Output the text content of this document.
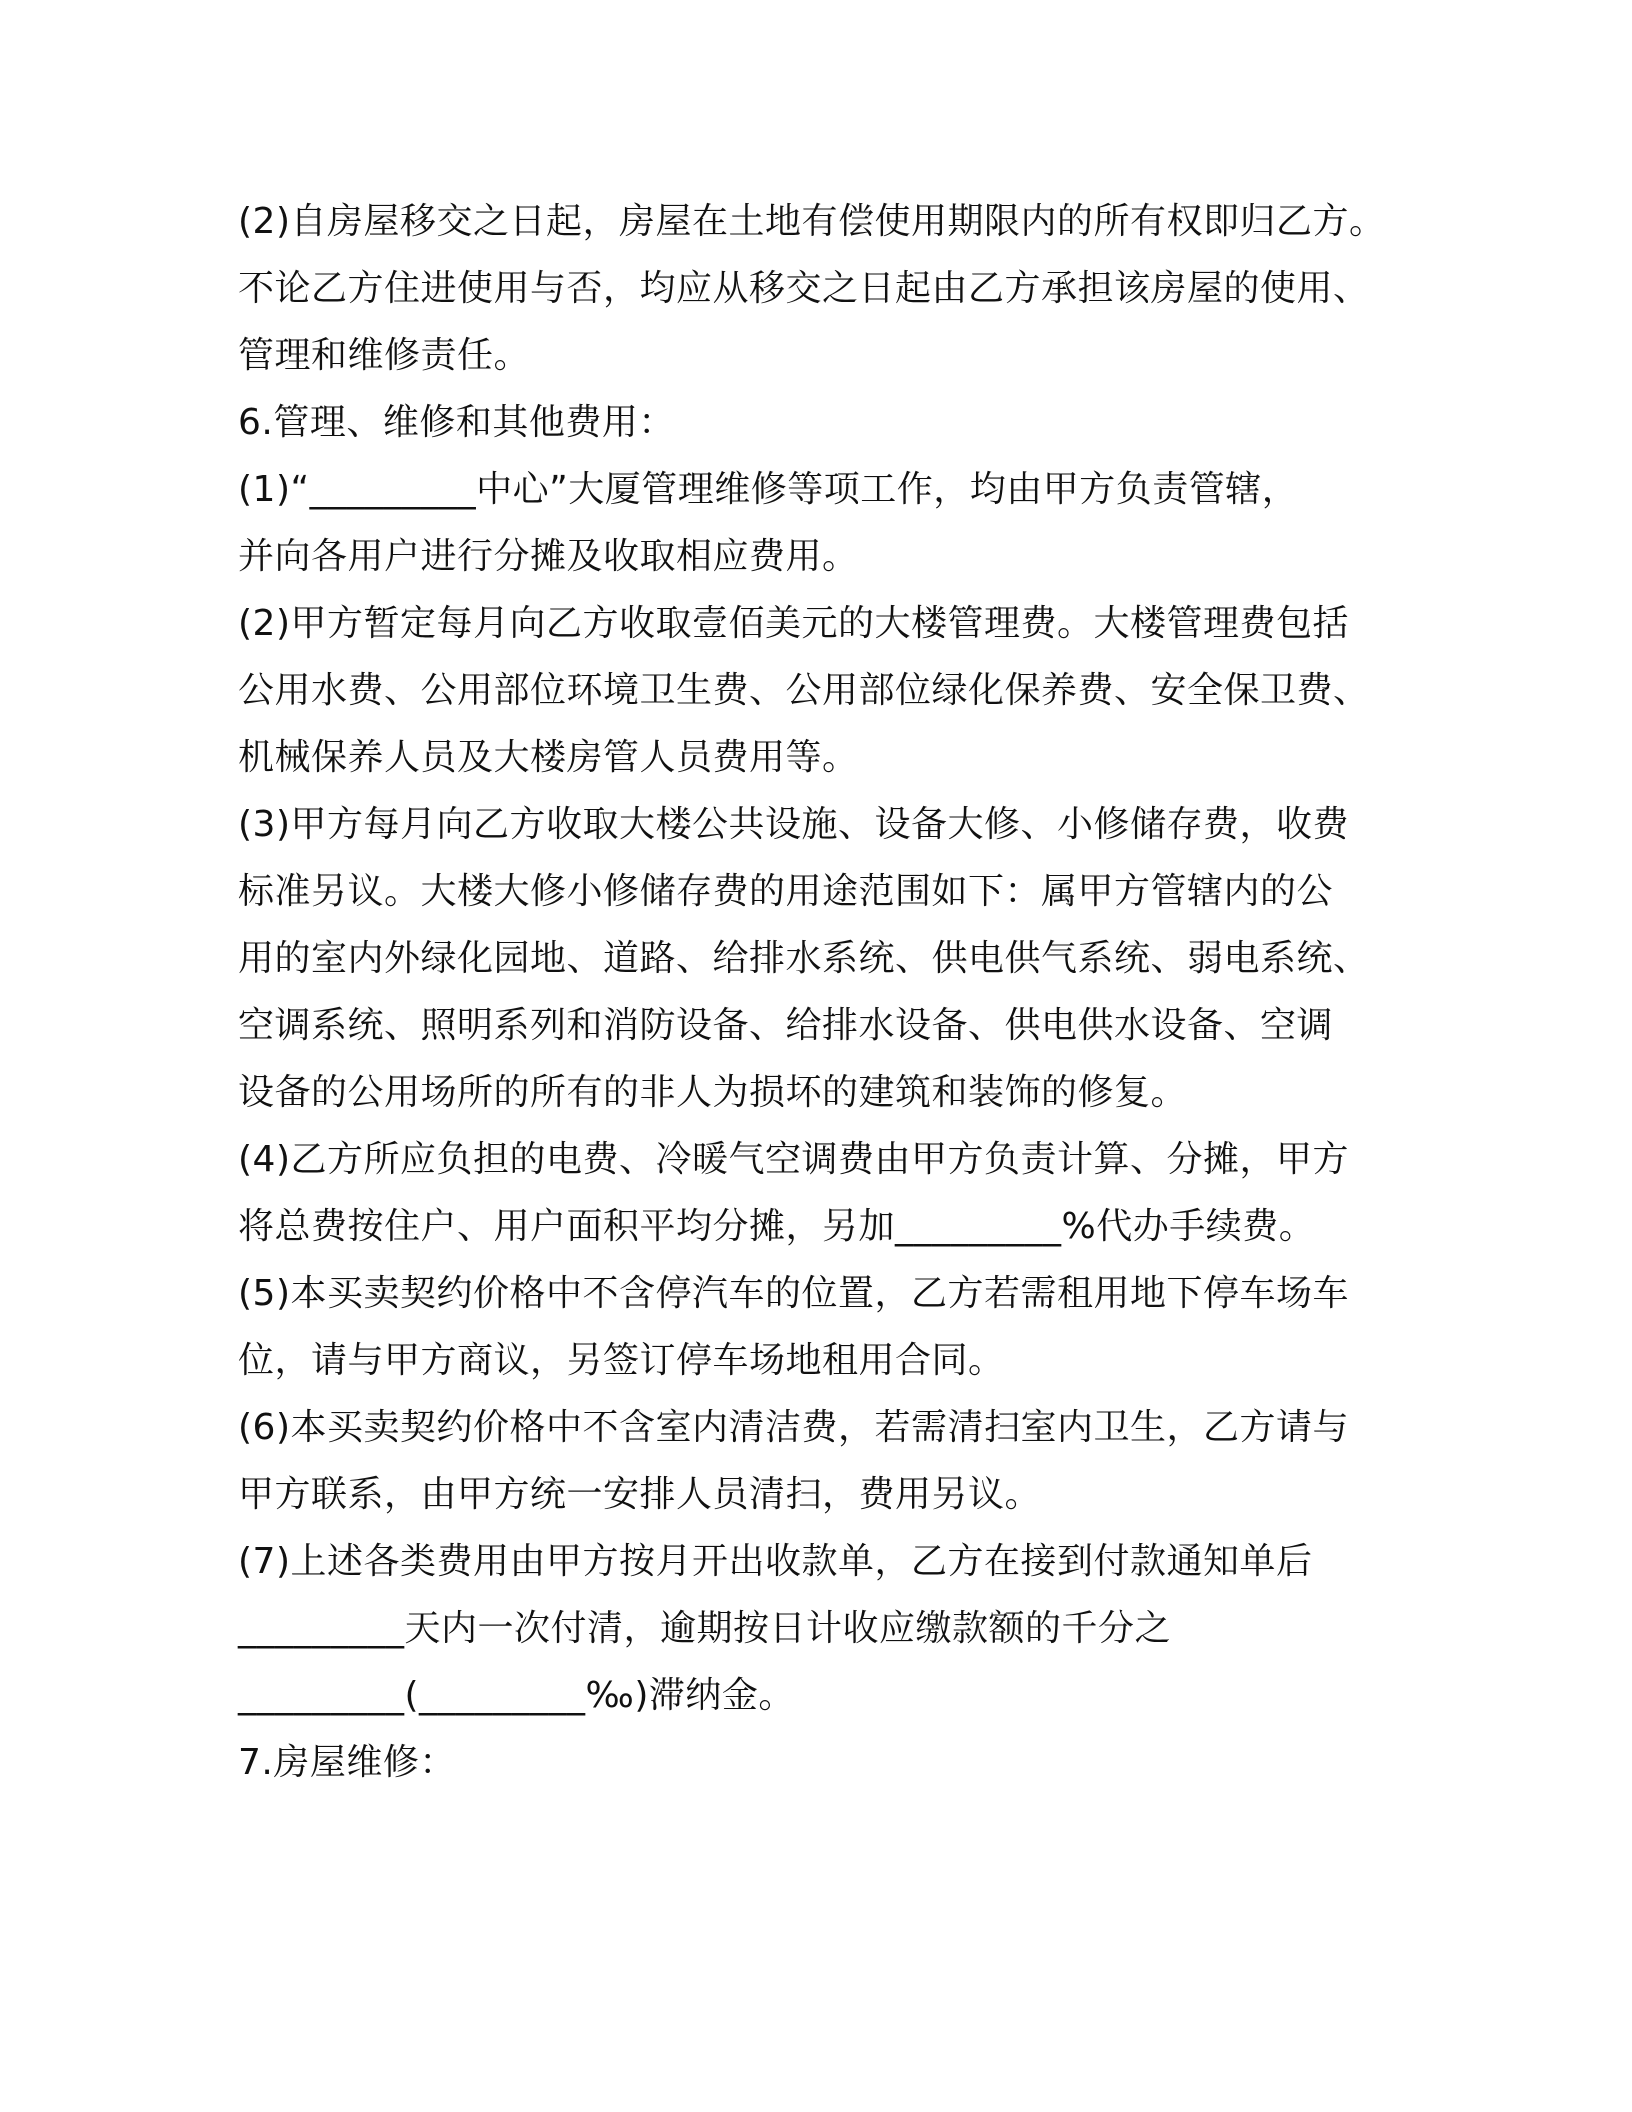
(2)自房屋移交之日起，房屋在土地有偿使用期限内的所有权即归乙方。
不论乙方住进使用与否，均应从移交之日起由乙方承担该房屋的使用、
管理和维修责任。
6.管理、维修和其他费用：
(1)“_________中心”大厦管理维修等项工作，均由甲方负责管辖，
并向各用户进行分摊及收取相应费用。
(2)甲方暂定每月向乙方收取壹佰美元的大楼管理费。大楼管理费包括
公用水费、公用部位环境卫生费、公用部位绿化保养费、安全保卫费、
机械保养人员及大楼房管人员费用等。
(3)甲方每月向乙方收取大楼公共设施、设备大修、小修储存费，收费
标准另议。大楼大修小修储存费的用途范围如下：属甲方管辖内的公
用的室内外绿化园地、道路、给排水系统、供电供气系统、弱电系统、
空调系统、照明系列和消防设备、给排水设备、供电供水设备、空调
设备的公用场所的所有的非人为损坏的建筑和装饰的修复。
(4)乙方所应负担的电费、冷暖气空调费由甲方负责计算、分摊，甲方
将总费按住户、用户面积平均分摊，另加_________%代办手续费。
(5)本买卖契约价格中不含停汽车的位置，乙方若需租用地下停车场车
位，请与甲方商议，另签订停车场地租用合同。
(6)本买卖契约价格中不含室内清洁费，若需清扫室内卫生，乙方请与
甲方联系，由甲方统一安排人员清扫，费用另议。
(7)上述各类费用由甲方按月开出收款单，乙方在接到付款通知单后
_________天内一次付清，逾期按日计收应缴款额的千分之
_________(_________‰)滞纳金。
7.房屋维修：
